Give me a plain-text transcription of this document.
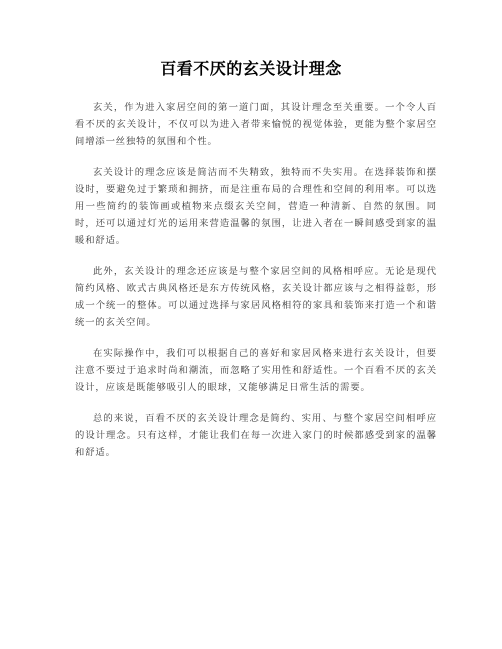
百看不厌的玄关设计理念

玄关，作为进入家居空间的第一道门面，其设计理念至关重要。一个令人百看不厌的玄关设计，不仅可以为进入者带来愉悦的视觉体验，更能为整个家居空间增添一丝独特的氛围和个性。

玄关设计的理念应该是简洁而不失精致，独特而不失实用。在选择装饰和摆设时，要避免过于繁琐和拥挤，而是注重布局的合理性和空间的利用率。可以选用一些简约的装饰画或植物来点缀玄关空间，营造一种清新、自然的氛围。同时，还可以通过灯光的运用来营造温馨的氛围，让进入者在一瞬间感受到家的温暖和舒适。

此外，玄关设计的理念还应该是与整个家居空间的风格相呼应。无论是现代简约风格、欧式古典风格还是东方传统风格，玄关设计都应该与之相得益彰，形成一个统一的整体。可以通过选择与家居风格相符的家具和装饰来打造一个和谐统一的玄关空间。

在实际操作中，我们可以根据自己的喜好和家居风格来进行玄关设计，但要注意不要过于追求时尚和潮流，而忽略了实用性和舒适性。一个百看不厌的玄关设计，应该是既能够吸引人的眼球，又能够满足日常生活的需要。

总的来说，百看不厌的玄关设计理念是简约、实用、与整个家居空间相呼应的设计理念。只有这样，才能让我们在每一次进入家门的时候都感受到家的温馨和舒适。
